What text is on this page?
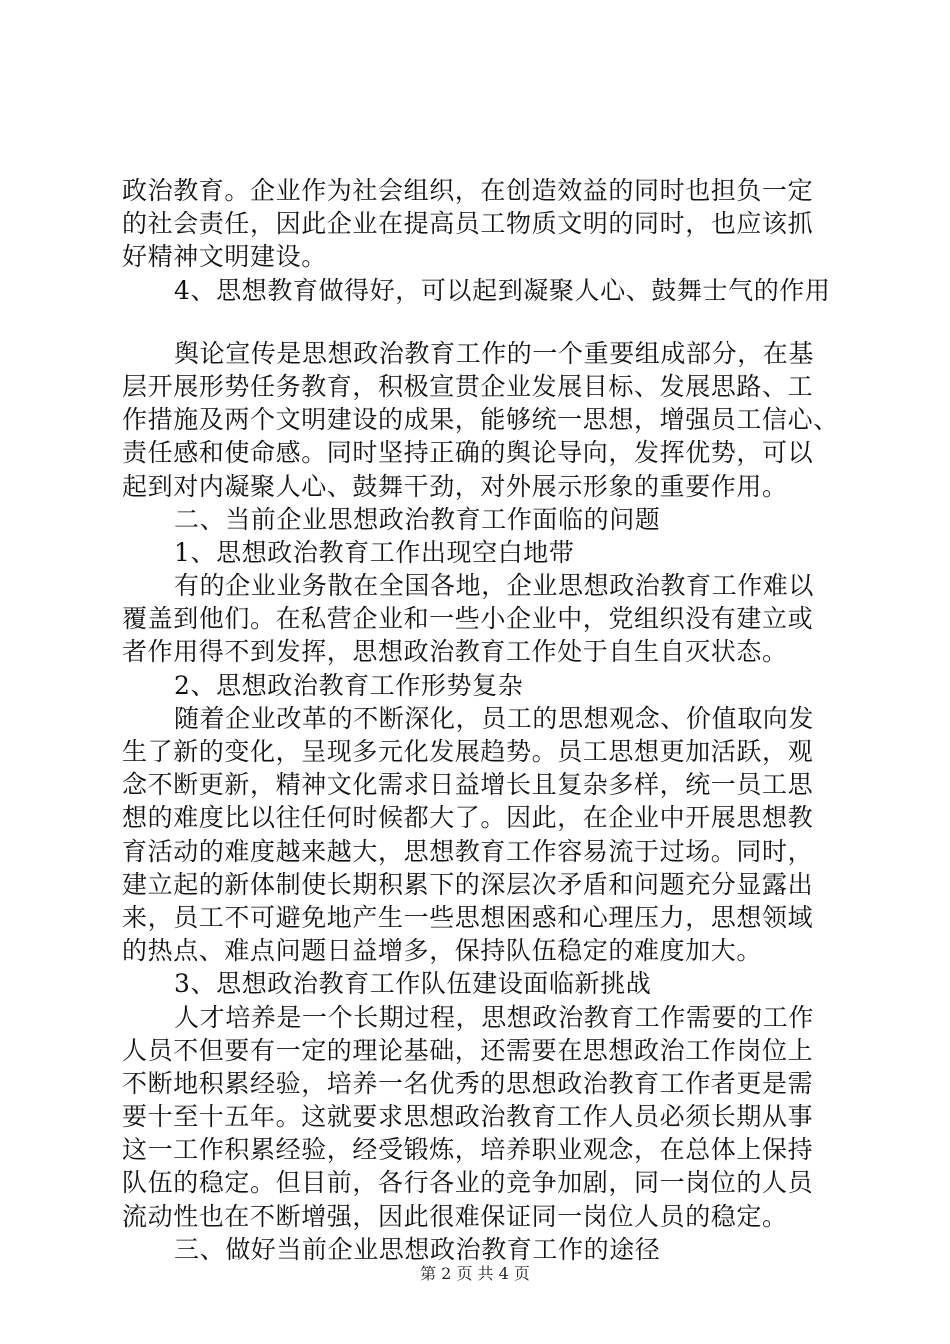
政治教育。企业作为社会组织，在创造效益的同时也担负一定
的社会责任，因此企业在提高员工物质文明的同时，也应该抓
好精神文明建设。
4、思想教育做得好，可以起到凝聚人心、鼓舞士气的作用
舆论宣传是思想政治教育工作的一个重要组成部分，在基
层开展形势任务教育，积极宣贯企业发展目标、发展思路、工
作措施及两个文明建设的成果，能够统一思想，增强员工信心、
责任感和使命感。同时坚持正确的舆论导向，发挥优势，可以
起到对内凝聚人心、鼓舞干劲，对外展示形象的重要作用。
二、当前企业思想政治教育工作面临的问题
1、思想政治教育工作出现空白地带
有的企业业务散在全国各地，企业思想政治教育工作难以
覆盖到他们。在私营企业和一些小企业中，党组织没有建立或
者作用得不到发挥，思想政治教育工作处于自生自灭状态。
2、思想政治教育工作形势复杂
随着企业改革的不断深化，员工的思想观念、价值取向发
生了新的变化，呈现多元化发展趋势。员工思想更加活跃，观
念不断更新，精神文化需求日益增长且复杂多样，统一员工思
想的难度比以往任何时候都大了。因此，在企业中开展思想教
育活动的难度越来越大，思想教育工作容易流于过场。同时，
建立起的新体制使长期积累下的深层次矛盾和问题充分显露出
来，员工不可避免地产生一些思想困惑和心理压力，思想领域
的热点、难点问题日益增多，保持队伍稳定的难度加大。
3、思想政治教育工作队伍建设面临新挑战
人才培养是一个长期过程，思想政治教育工作需要的工作
人员不但要有一定的理论基础，还需要在思想政治工作岗位上
不断地积累经验，培养一名优秀的思想政治教育工作者更是需
要十至十五年。这就要求思想政治教育工作人员必须长期从事
这一工作积累经验，经受锻炼，培养职业观念，在总体上保持
队伍的稳定。但目前，各行各业的竞争加剧，同一岗位的人员
流动性也在不断增强，因此很难保证同一岗位人员的稳定。
三、做好当前企业思想政治教育工作的途径
第 2 页 共 4 页
